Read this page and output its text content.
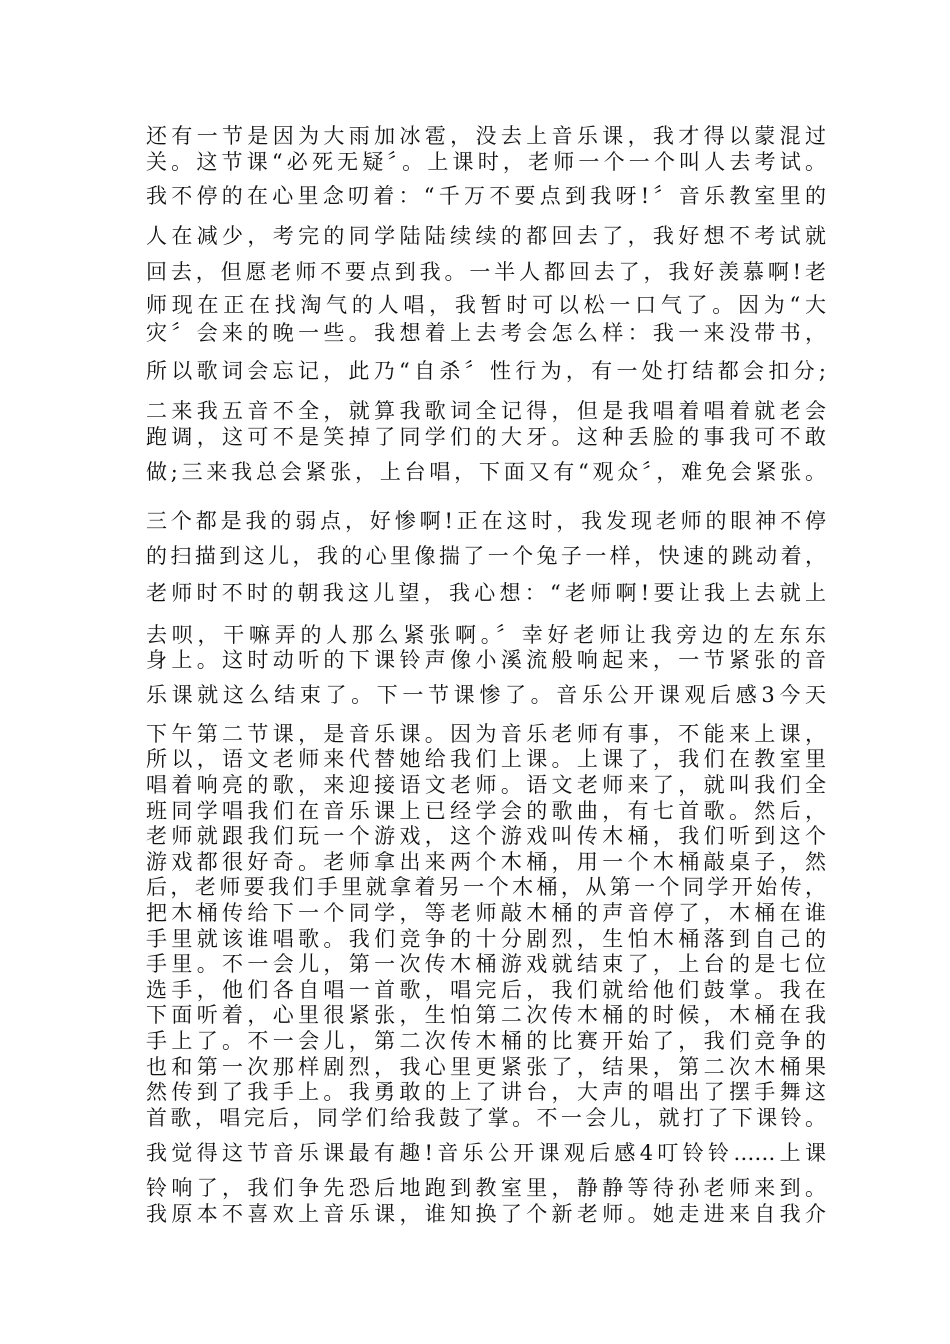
还有一节是因为大雨加冰雹，没去上音乐课，我才得以蒙混过

关。这节课“必死无疑〞。上课时，老师一个一个叫人去考试。

我不停的在心里念叨着：“千万不要点到我呀!〞音乐教室里的

人在减少，考完的同学陆陆续续的都回去了，我好想不考试就

回去，但愿老师不要点到我。一半人都回去了，我好羡慕啊!老

师现在正在找淘气的人唱，我暂时可以松一口气了。因为“大

灾〞会来的晚一些。我想着上去考会怎么样：我一来没带书，

所以歌词会忘记，此乃“自杀〞性行为，有一处打结都会扣分;

二来我五音不全，就算我歌词全记得，但是我唱着唱着就老会

跑调，这可不是笑掉了同学们的大牙。这种丢脸的事我可不敢

做;三来我总会紧张，上台唱，下面又有“观众〞，难免会紧张。

三个都是我的弱点，好惨啊!正在这时，我发现老师的眼神不停

的扫描到这儿，我的心里像揣了一个兔子一样，快速的跳动着，

老师时不时的朝我这儿望，我心想：“老师啊!要让我上去就上

去呗，干嘛弄的人那么紧张啊。〞幸好老师让我旁边的左东东

身上。这时动听的下课铃声像小溪流般响起来，一节紧张的音

乐课就这么结束了。下一节课惨了。音乐公开课观后感3今天

下午第二节课，是音乐课。因为音乐老师有事，不能来上课，

所以，语文老师来代替她给我们上课。上课了，我们在教室里

唱着响亮的歌，来迎接语文老师。语文老师来了，就叫我们全

班同学唱我们在音乐课上已经学会的歌曲，有七首歌。然后，

老师就跟我们玩一个游戏，这个游戏叫传木桶，我们听到这个

游戏都很好奇。老师拿出来两个木桶，用一个木桶敲桌子，然

后，老师要我们手里就拿着另一个木桶，从第一个同学开始传，

把木桶传给下一个同学，等老师敲木桶的声音停了，木桶在谁

手里就该谁唱歌。我们竞争的十分剧烈，生怕木桶落到自己的

手里。不一会儿，第一次传木桶游戏就结束了，上台的是七位

选手，他们各自唱一首歌，唱完后，我们就给他们鼓掌。我在

下面听着，心里很紧张，生怕第二次传木桶的时候，木桶在我

手上了。不一会儿，第二次传木桶的比赛开始了，我们竞争的

也和第一次那样剧烈，我心里更紧张了，结果，第二次木桶果

然传到了我手上。我勇敢的上了讲台，大声的唱出了摆手舞这

首歌，唱完后，同学们给我鼓了掌。不一会儿，就打了下课铃。

我觉得这节音乐课最有趣!音乐公开课观后感4叮铃铃……上课

铃响了，我们争先恐后地跑到教室里，静静等待孙老师来到。

我原本不喜欢上音乐课，谁知换了个新老师。她走进来自我介
